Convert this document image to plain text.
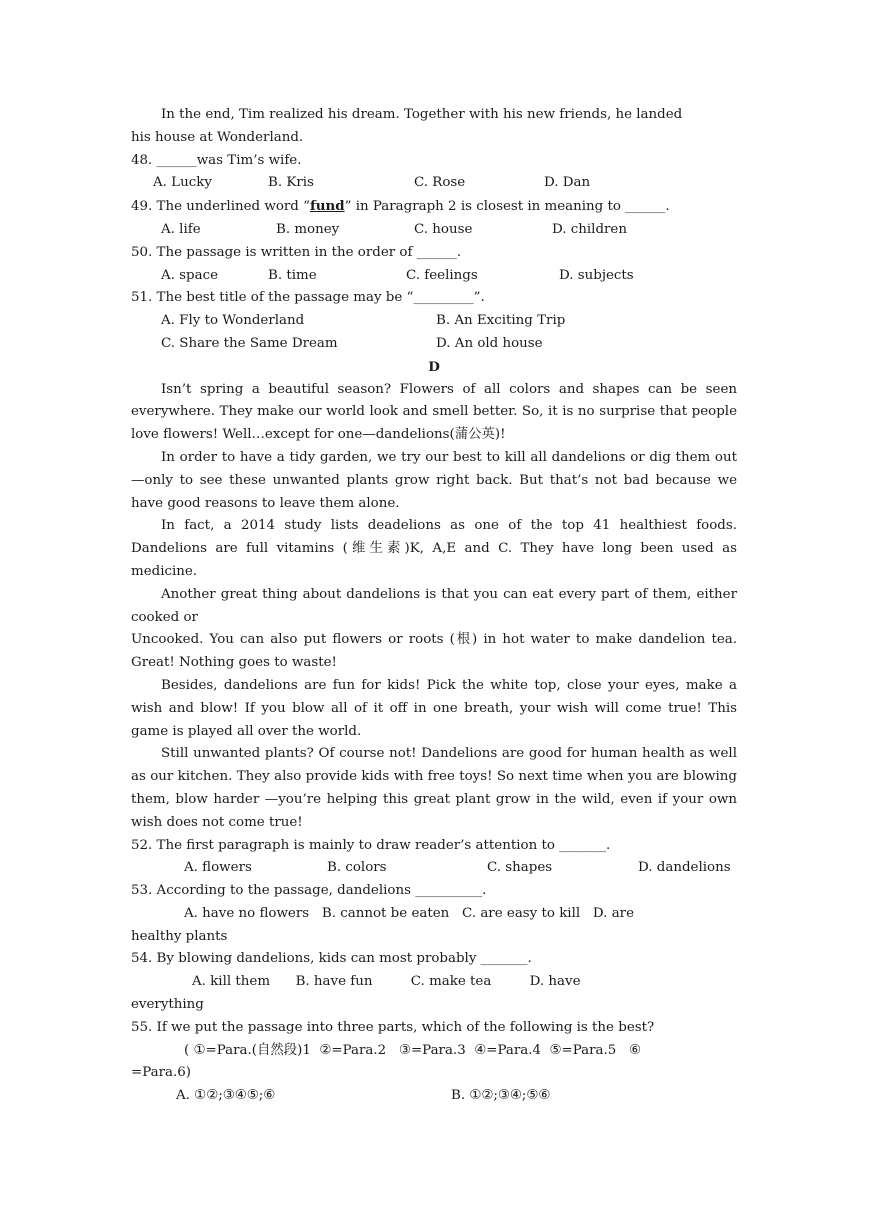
In the end, Tim realized his dream. Together with his new friends, he landed
his house at Wonderland.

48. ______was Tim’s wife.

A. Lucky	B. Kris	C. Rose	D. Dan

49. The underlined word “fund” in Paragraph 2 is closest in meaning to ______.

A. life	B. money	C. house	D. children

50. The passage is written in the order of ______.

A. space	B. time	C. feelings	D. subjects

51. The best title of the passage may be “_________”.

A. Fly to Wonderland	B. An Exciting Trip
C. Share the Same Dream	D. An old house

D

Isn’t spring a beautiful season? Flowers of all colors and shapes can be seen everywhere. They make our world look and smell better. So, it is no surprise that people love flowers! Well…except for one—dandelions(蒲公英)!

In order to have a tidy garden, we try our best to kill all dandelions or dig them out—only to see these unwanted plants grow right back. But that’s not bad because we have good reasons to leave them alone.

In fact, a 2014 study lists deadelions as one of the top 41 healthiest foods. Dandelions are full vitamins (维生素)K, A,E and C. They have long been used as medicine.

Another great thing about dandelions is that you can eat every part of them, either cooked or

Uncooked. You can also put flowers or roots (根) in hot water to make dandelion tea. Great! Nothing goes to waste!

Besides, dandelions are fun for kids! Pick the white top, close your eyes, make a wish and blow! If you blow all of it off in one breath, your wish will come true! This game is played all over the world.

Still unwanted plants? Of course not! Dandelions are good for human health as well as our kitchen. They also provide kids with free toys! So next time when you are blowing them, blow harder —you’re helping this great plant grow in the wild, even if your own wish does not come true!

52. The first paragraph is mainly to draw reader’s attention to _______.

A. flowers	B. colors	C. shapes	D. dandelions

53. According to the passage, dandelions __________.

A. have no flowers   B. cannot be eaten   C. are easy to kill   D. are

healthy plants

54. By blowing dandelions, kids can most probably _______.

A. kill them      B. have fun         C. make tea         D. have

everything

55. If we put the passage into three parts, which of the following is the best?

( ①=Para.(自然段)1  ②=Para.2   ③=Para.3  ④=Para.4  ⑤=Para.5   ⑥

=Para.6)

A. ①②;③④⑤;⑥	B. ①②;③④;⑤⑥
